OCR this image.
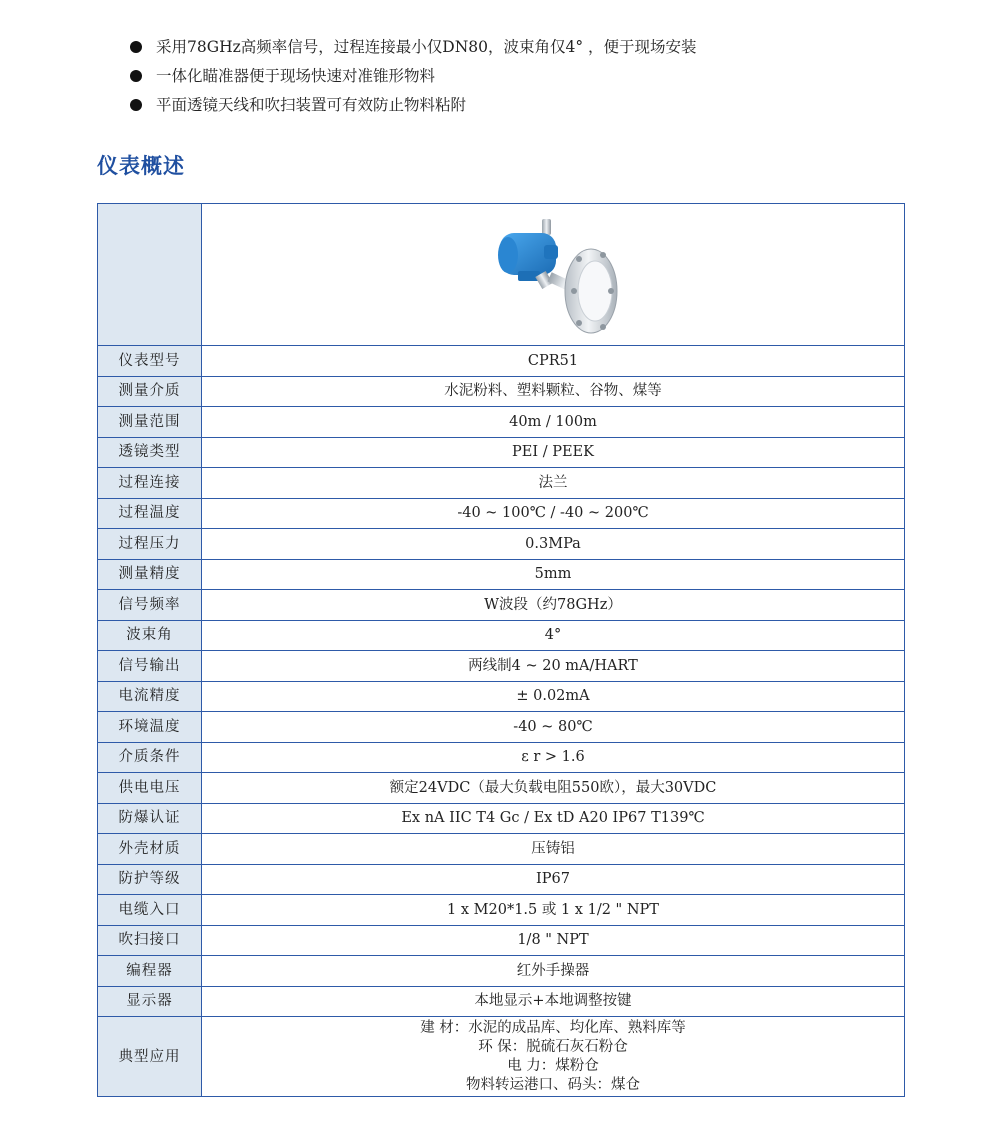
采用78GHz高频率信号，过程连接最小仅DN80，波束角仅4° ，便于现场安装
一体化瞄准器便于现场快速对准锥形物料
平面透镜天线和吹扫装置可有效防止物料粘附
仪表概述

仪表型号	CPR51
测量介质	水泥粉料、塑料颗粒、谷物、煤等
测量范围	40m / 100m
透镜类型	PEI / PEEK
过程连接	法兰
过程温度	-40 ~ 100℃ / -40 ~ 200℃
过程压力	0.3MPa
测量精度	5mm
信号频率	W波段（约78GHz）
波束角	4°
信号输出	两线制4 ~ 20 mA/HART
电流精度	± 0.02mA
环境温度	-40 ~ 80℃
介质条件	ε r > 1.6
供电电压	额定24VDC（最大负载电阻550欧），最大30VDC
防爆认证	Ex nA IIC T4 Gc / Ex tD A20 IP67 T139℃
外壳材质	压铸铝
防护等级	IP67
电缆入口	1 x M20*1.5 或 1 x 1/2 " NPT
吹扫接口	1/8 " NPT
编程器	红外手操器
显示器	本地显示+本地调整按键
典型应用	建 材：水泥的成品库、均化库、熟料库等
环 保：脱硫石灰石粉仓
电 力：煤粉仓
物料转运港口、码头：煤仓
